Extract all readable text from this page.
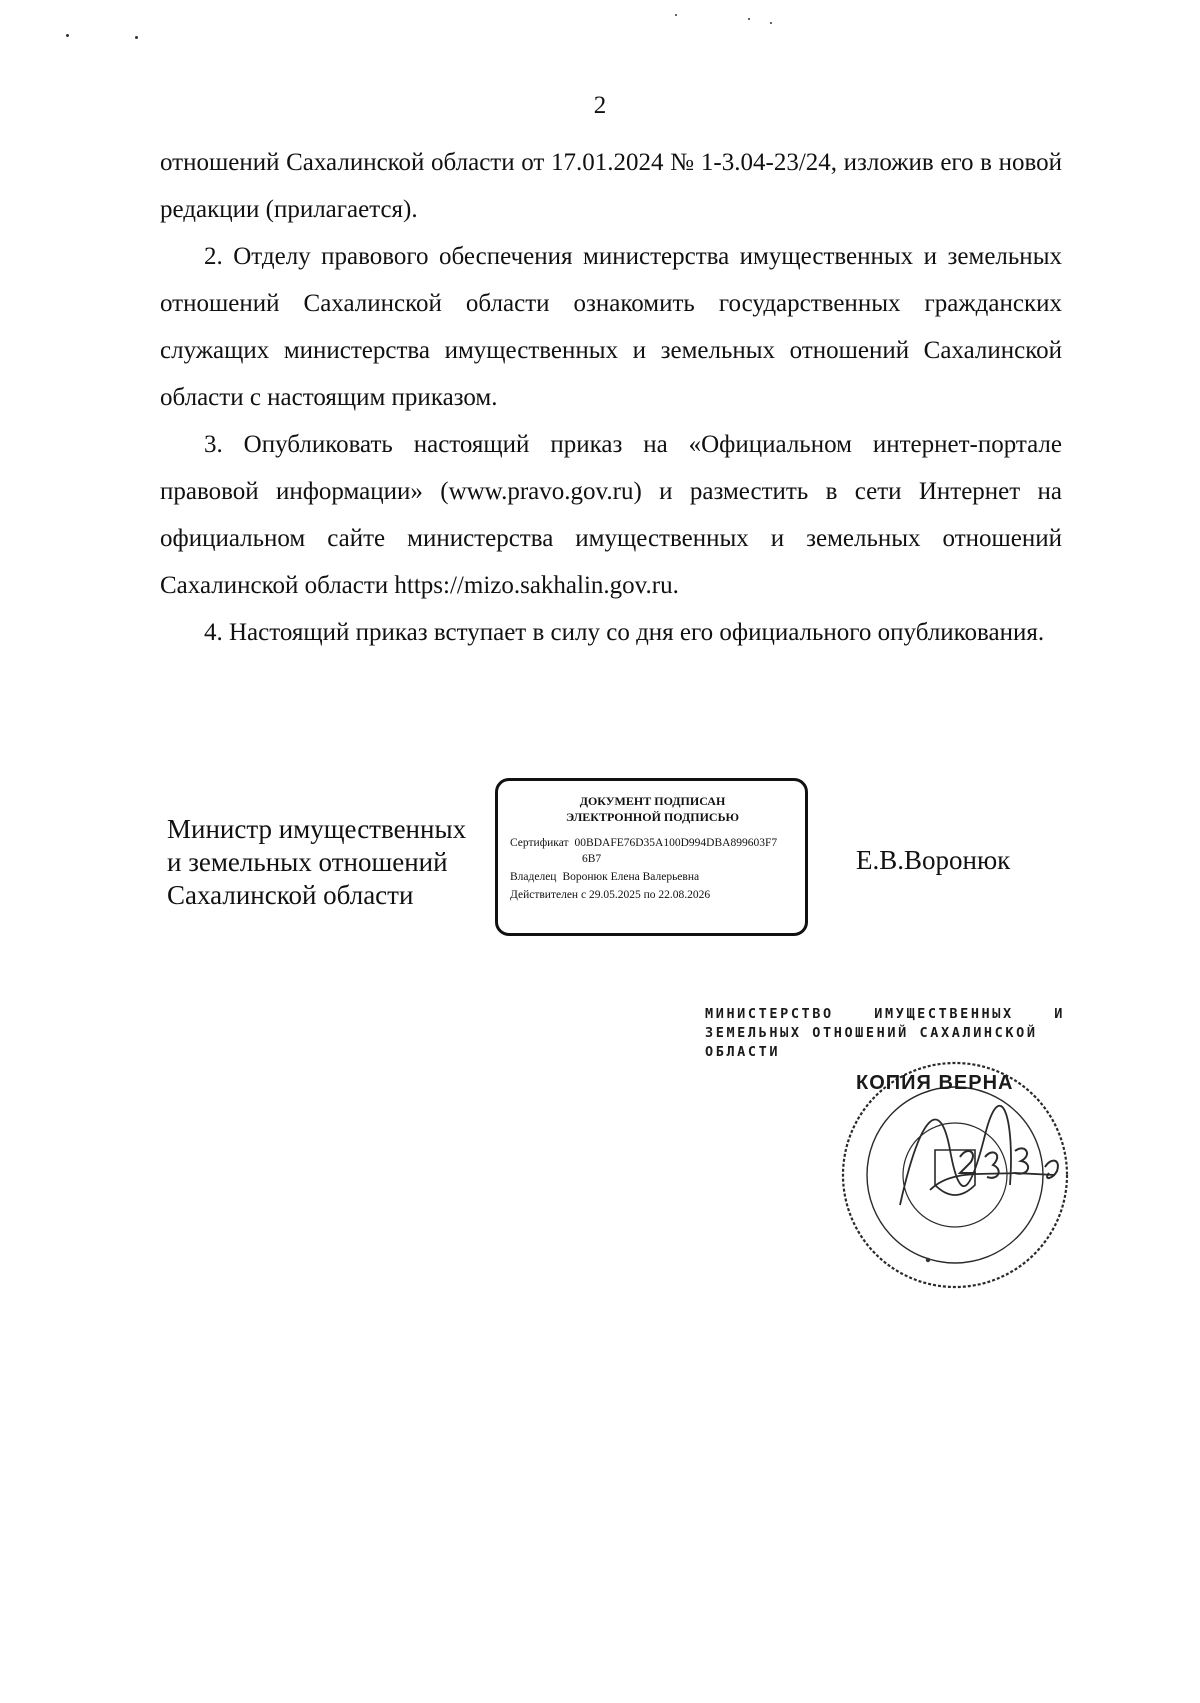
2

отношений Сахалинской области от 17.01.2024 № 1-3.04-23/24, изложив его в новой редакции (прилагается).

2. Отделу правового обеспечения министерства имущественных и земельных отношений Сахалинской области ознакомить государственных гражданских служащих министерства имущественных и земельных отношений Сахалинской области с настоящим приказом.

3. Опубликовать настоящий приказ на «Официальном интернет-портале правовой информации» (www.pravo.gov.ru) и разместить в сети Интернет на официальном сайте министерства имущественных и земельных отношений Сахалинской области https://mizo.sakhalin.gov.ru.

4. Настоящий приказ вступает в силу со дня его официального опубликования.

Министр имущественных
и земельных отношений
Сахалинской области
ДОКУМЕНТ ПОДПИСАН
ЭЛЕКТРОННОЙ ПОДПИСЬЮ
Сертификат 00BDAFE76D35A100D994DBA899603F7
6B7
Владелец Воронюк Елена Валерьевна
Действителен с 29.05.2025 по 22.08.2026
Е.В.Воронюк
МИНИСТЕРСТВО	ИМУЩЕСТВЕННЫХ	И
ЗЕМЕЛЬНЫХ ОТНОШЕНИЙ САХАЛИНСКОЙ
ОБЛАСТИ
КОПИЯ ВЕРНА
